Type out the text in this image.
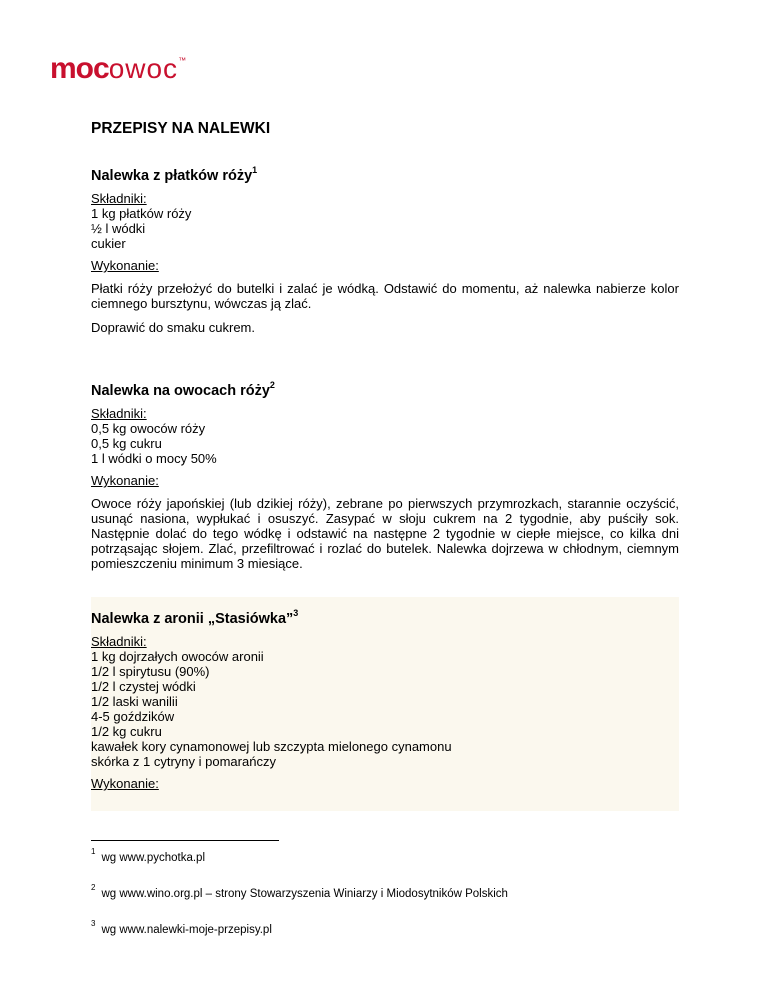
mocowoc™
PRZEPISY NA NALEWKI
Nalewka z płatków róży$^1$

Składniki:

1 kg płatków róży

½ l wódki

cukier

Wykonanie:

Płatki róży przełożyć do butelki i zalać je wódką. Odstawić do momentu, aż nalewka nabierze kolor ciemnego bursztynu, wówczas ją zlać.

Doprawić do smaku cukrem.

Nalewka na owocach róży$^2$

Składniki:

0,5 kg owoców róży

0,5 kg cukru

1 l wódki o mocy 50%

Wykonanie:

Owoce róży japońskiej (lub dzikiej róży), zebrane po pierwszych przymrozkach, starannie oczyścić, usunąć nasiona, wypłukać i osuszyć. Zasypać w słoju cukrem na 2 tygodnie, aby puściły sok. Następnie dolać do tego wódkę i odstawić na następne 2 tygodnie w ciepłe miejsce, co kilka dni potrząsając słojem. Zlać, przefiltrować i rozlać do butelek. Nalewka dojrzewa w chłodnym, ciemnym pomieszczeniu minimum 3 miesiące.

Nalewka z aronii „Stasiówka”$^3$

Składniki:

1 kg dojrzałych owoców aronii

1/2 l spirytusu (90%)

1/2 l czystej wódki

1/2 laski wanilii

4-5 goździków

1/2 kg cukru

kawałek kory cynamonowej lub szczypta mielonego cynamonu

skórka z 1 cytryny i pomarańczy

Wykonanie:

$^1$wg www.pychotka.pl

$^2$wg www.wino.org.pl – strony Stowarzyszenia Winiarzy i Miodosytników Polskich

$^3$wg www.nalewki-moje-przepisy.pl
